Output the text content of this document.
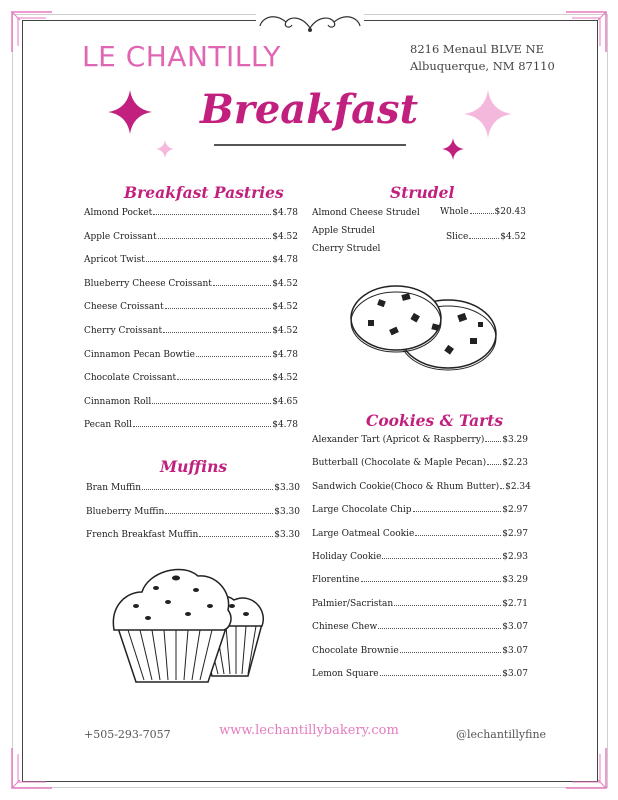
LE CHANTILLY	8216 Menaul BLVE NE
Albuquerque, NM 87110
Breakfast
Breakfast Pastries
Almond Pocket	$4.78
Apple Croissant	$4.52
Apricot Twist	$4.78
Blueberry Cheese Croissant	$4.52
Cheese Croissant	$4.52
Cherry Croissant	$4.52
Cinnamon Pecan Bowtie	$4.78
Chocolate Croissant	$4.52
Cinnamon Roll	$4.65
Pecan Roll	$4.78
Muffins
Bran Muffin	$3.30
Blueberry Muffin	$3.30
French Breakfast Muffin	$3.30
Strudel
Almond Cheese Strudel
Apple Strudel
Cherry Strudel
Whole	$20.43
Slice	$4.52
Cookies & Tarts
Alexander Tart (Apricot & Raspberry) $3.29
Butterball (Chocolate & Maple Pecan) $2.23
Sandwich Cookie(Choco & Rhum Butter) $2.34
Large Chocolate Chip	$2.97
Large Oatmeal Cookie	$2.97
Holiday Cookie	$2.93
Florentine	$3.29
Palmier/Sacristan	$2.71
Chinese Chew	$3.07
Chocolate Brownie	$3.07
Lemon Square	$3.07
+505-293-7057	www.lechantillybakery.com	@lechantillyfine
